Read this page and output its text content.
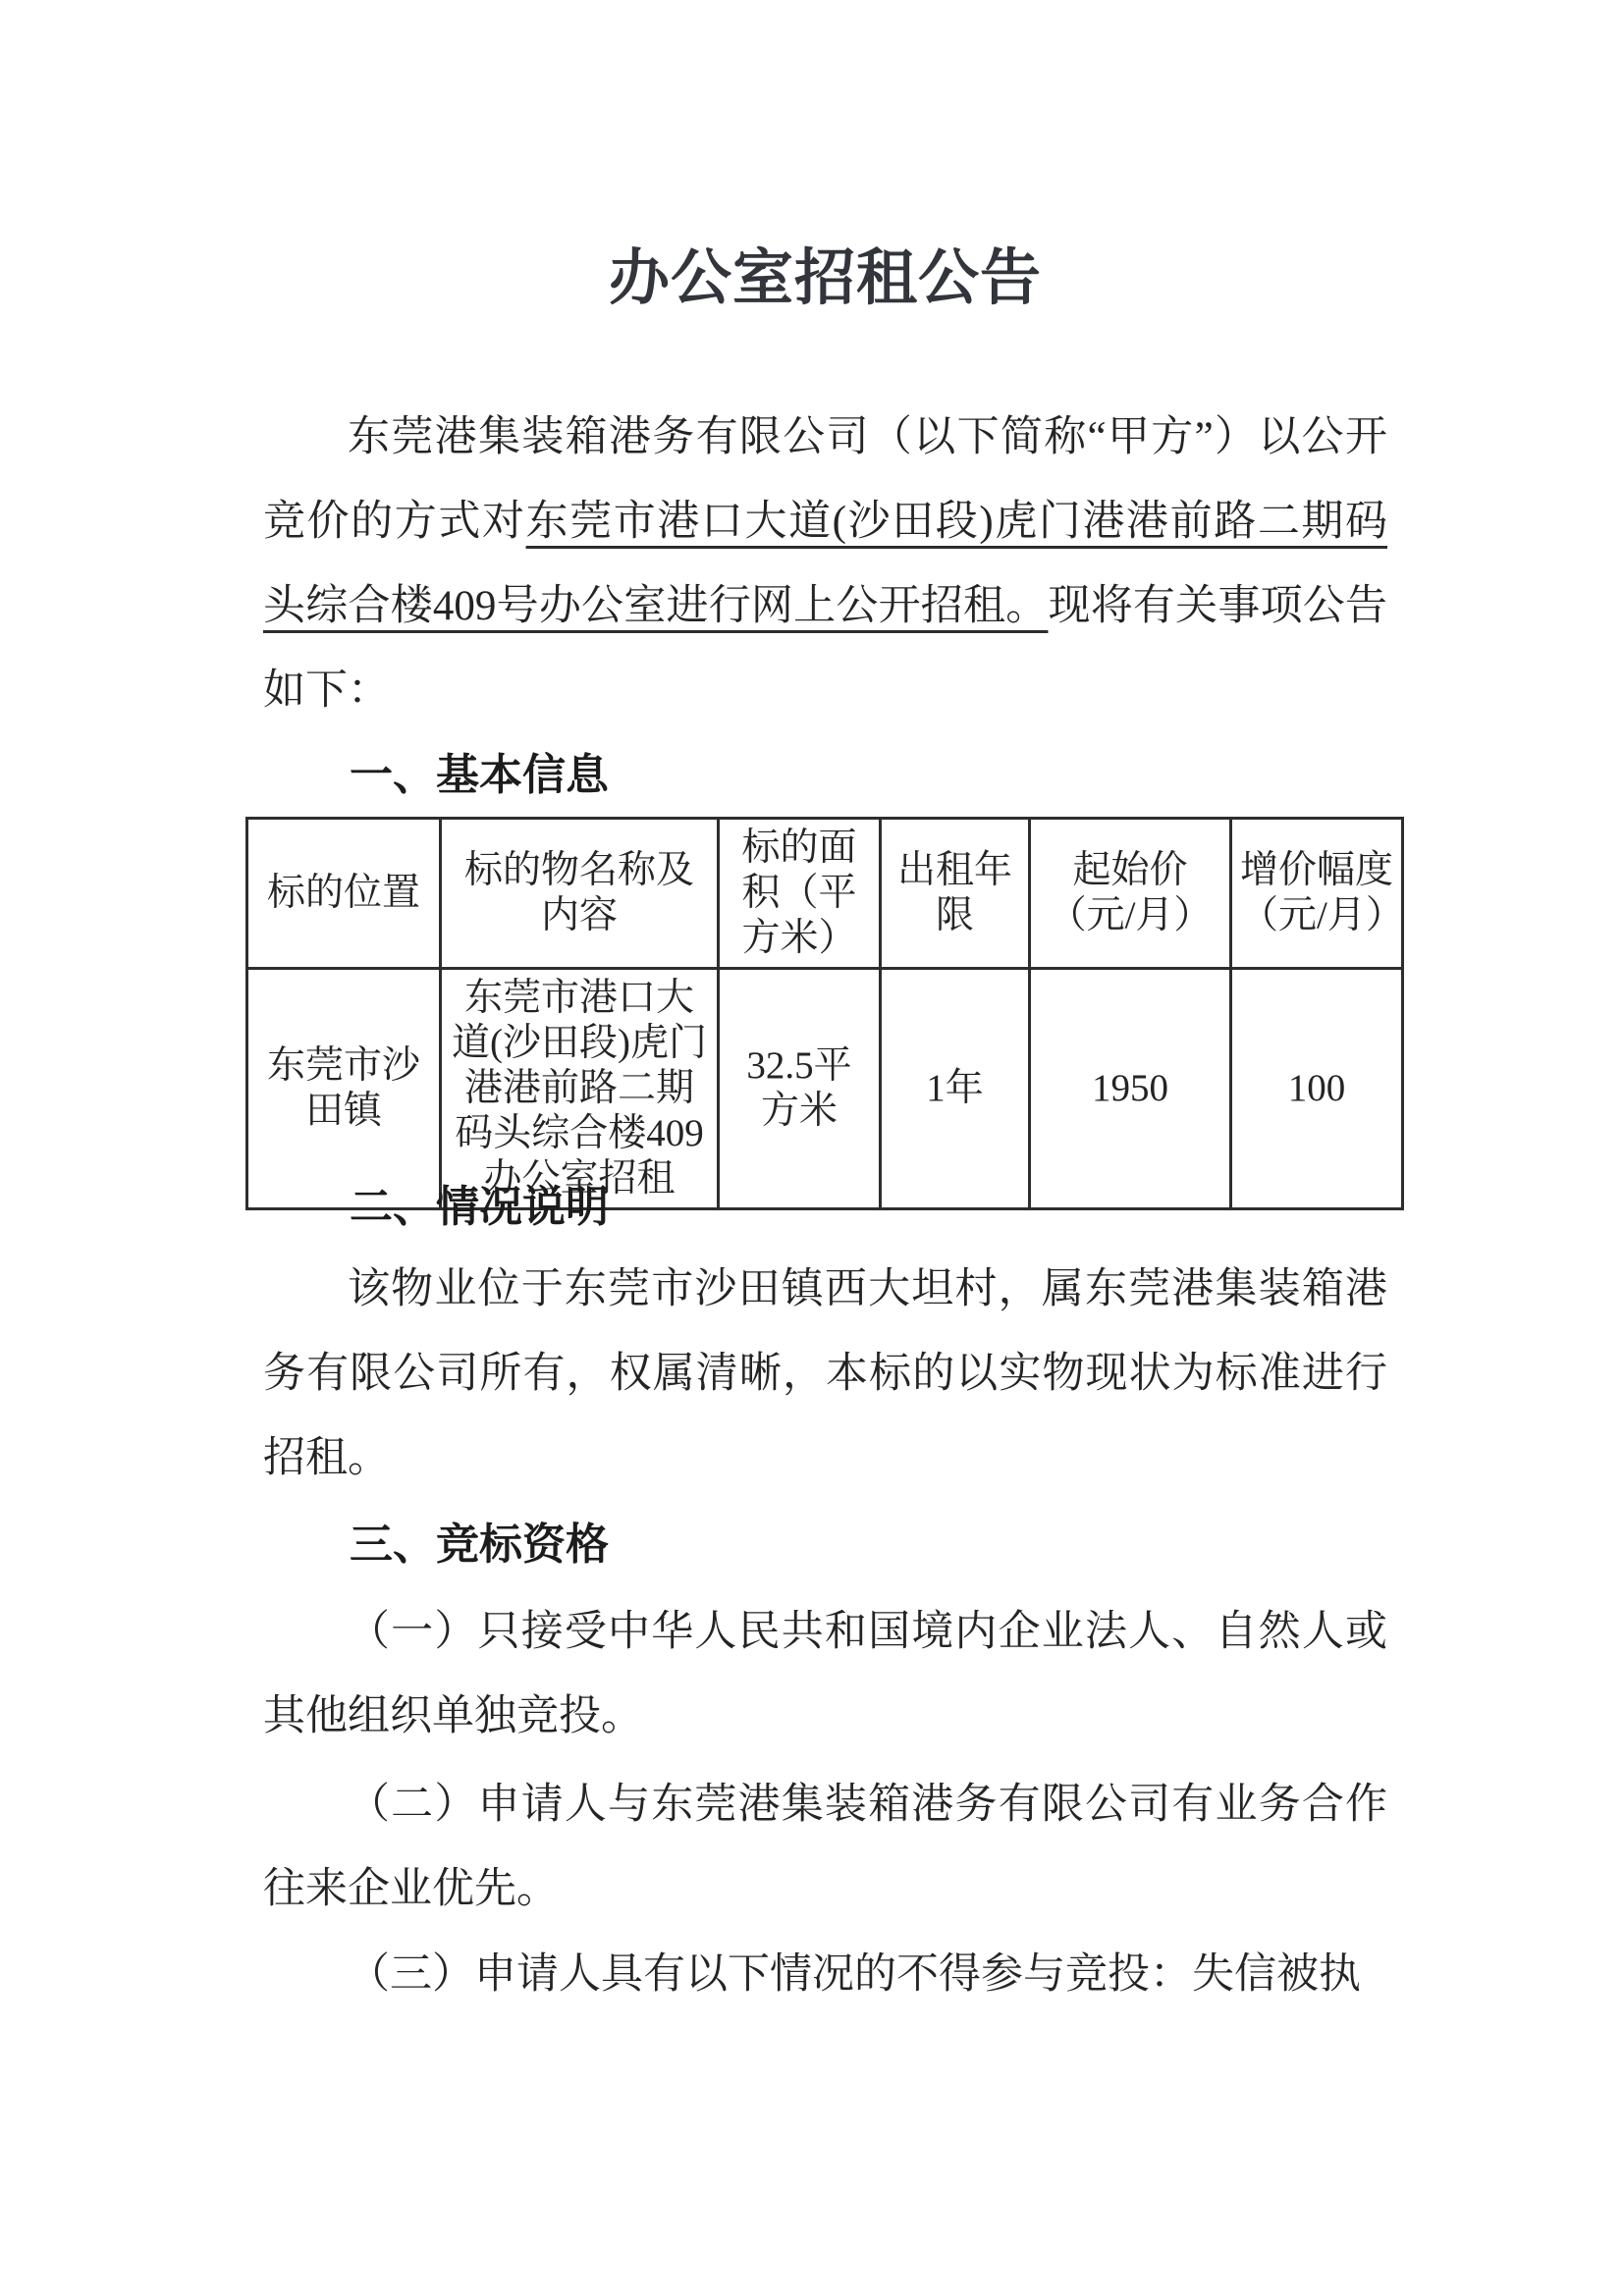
办公室招租公告

东莞港集装箱港务有限公司（以下简称“甲方”）以公开竞价的方式对东莞市港口大道(沙田段)虎门港港前路二期码头综合楼409号办公室进行网上公开招租。现将有关事项公告如下：

一、基本信息
标的位置	标的物名称及内容	标的面积（平方米）	出租年限	起始价（元/月）	增价幅度（元/月）
东莞市沙田镇	东莞市港口大道(沙田段)虎门港港前路二期码头综合楼409办公室招租	32.5平方米	1年	1950	100
二、情况说明

该物业位于东莞市沙田镇西大坦村，属东莞港集装箱港务有限公司所有，权属清晰，本标的以实物现状为标准进行招租。

三、竞标资格

（一）只接受中华人民共和国境内企业法人、自然人或其他组织单独竞投。

（二）申请人与东莞港集装箱港务有限公司有业务合作往来企业优先。

（三）申请人具有以下情况的不得参与竞投：失信被执
